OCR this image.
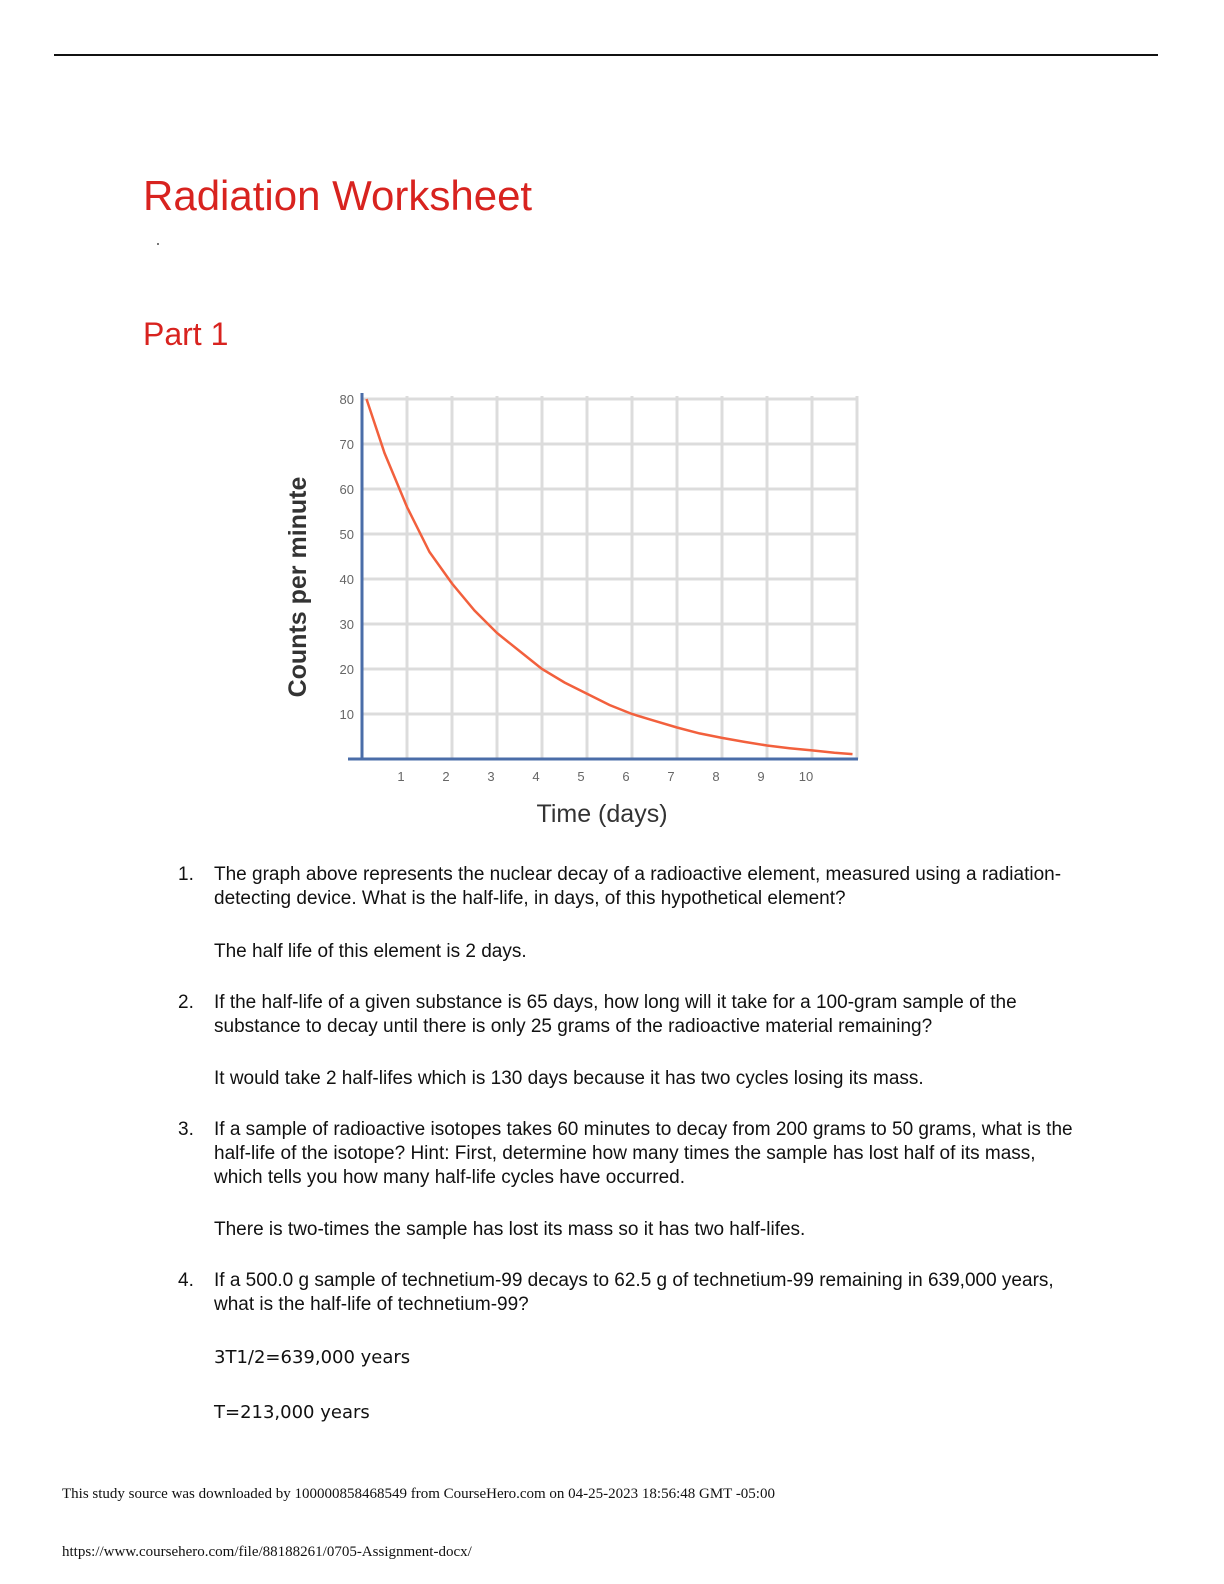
Radiation Worksheet
Part 1
1	2	3	4	5	6	7	8	9	10
10
20
30
40
50
60
70
80
Time (days)
Counts per minute
1. The graph above represents the nuclear decay of a radioactive element, measured using a radiation-detecting device. What is the half-life, in days, of this hypothetical element?
The half life of this element is 2 days.
2. If the half-life of a given substance is 65 days, how long will it take for a 100-gram sample of the substance to decay until there is only 25 grams of the radioactive material remaining?
It would take 2 half-lifes which is 130 days because it has two cycles losing its mass.
3. If a sample of radioactive isotopes takes 60 minutes to decay from 200 grams to 50 grams, what is the half-life of the isotope? Hint: First, determine how many times the sample has lost half of its mass, which tells you how many half-life cycles have occurred.
There is two-times the sample has lost its mass so it has two half-lifes.
4. If a 500.0 g sample of technetium-99 decays to 62.5 g of technetium-99 remaining in 639,000 years, what is the half-life of technetium-99?
3T1/2=639,000 years
T=213,000 years
This study source was downloaded by 100000858468549 from CourseHero.com on 04-25-2023 18:56:48 GMT -05:00
https://www.coursehero.com/file/88188261/0705-Assignment-docx/
